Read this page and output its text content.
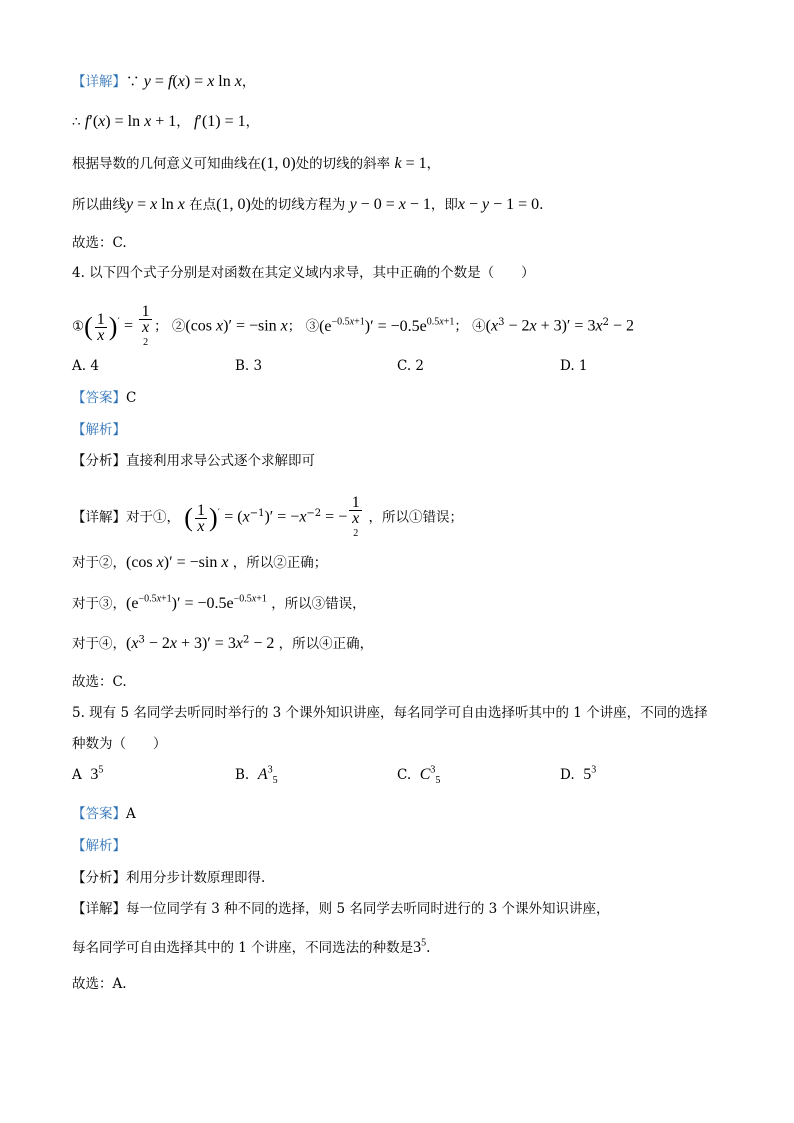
【详解】∵ y = f(x) = x ln x，
∴ f′(x) = ln x + 1， f′(1) = 1，
根据导数的几何意义可知曲线在(1, 0)处的切线的斜率 k = 1，
所以曲线y = x ln x 在点(1, 0)处的切线方程为 y − 0 = x − 1，即x − y − 1 = 0.
故选：C.
4. 以下四个式子分别是对函数在其定义域内求导，其中正确的个数是（　　）
①( $\frac{1}{x} )' = 1$
x
2 ； ②(cos x)′ = −sin x； $③(e^{-0.5x+1})' = -0.5e^{0.5x+1}$； $④(x^3 - 2x + 3)' = 3x^2 - 2$
A. 4	B. 3	C. 2	D. 1
【答案】C
【解析】
【分析】直接利用求导公式逐个求解即可
【详解】对于①， ( $\frac{1}{x} )' = (x^{-1})' = -x^{-2}$ = − 1
x
2 ，所以①错误；
对于②，(cos x)′ = −sin x ，所以②正确；
对于③，$(e^{-0.5x+1})' = -0.5e^{-0.5x+1}$ ，所以③错误，
对于④，$(x^3 - 2x + 3)' = 3x^2 - 2$ ，所以④正确，
故选：C.
5. 现有 5 名同学去听同时举行的 3 个课外知识讲座，每名同学可自由选择听其中的 1 个讲座，不同的选择
种数为（　　）
A $3^5$	B. $A^3_5$	C. $C^3_5$	D. $5^3$
【答案】A
【解析】
【分析】利用分步计数原理即得.
【详解】每一位同学有 3 种不同的选择，则 5 名同学去听同时进行的 3 个课外知识讲座，
每名同学可自由选择其中的 1 个讲座，不同选法的种数是$3^5$.
故选：A.
